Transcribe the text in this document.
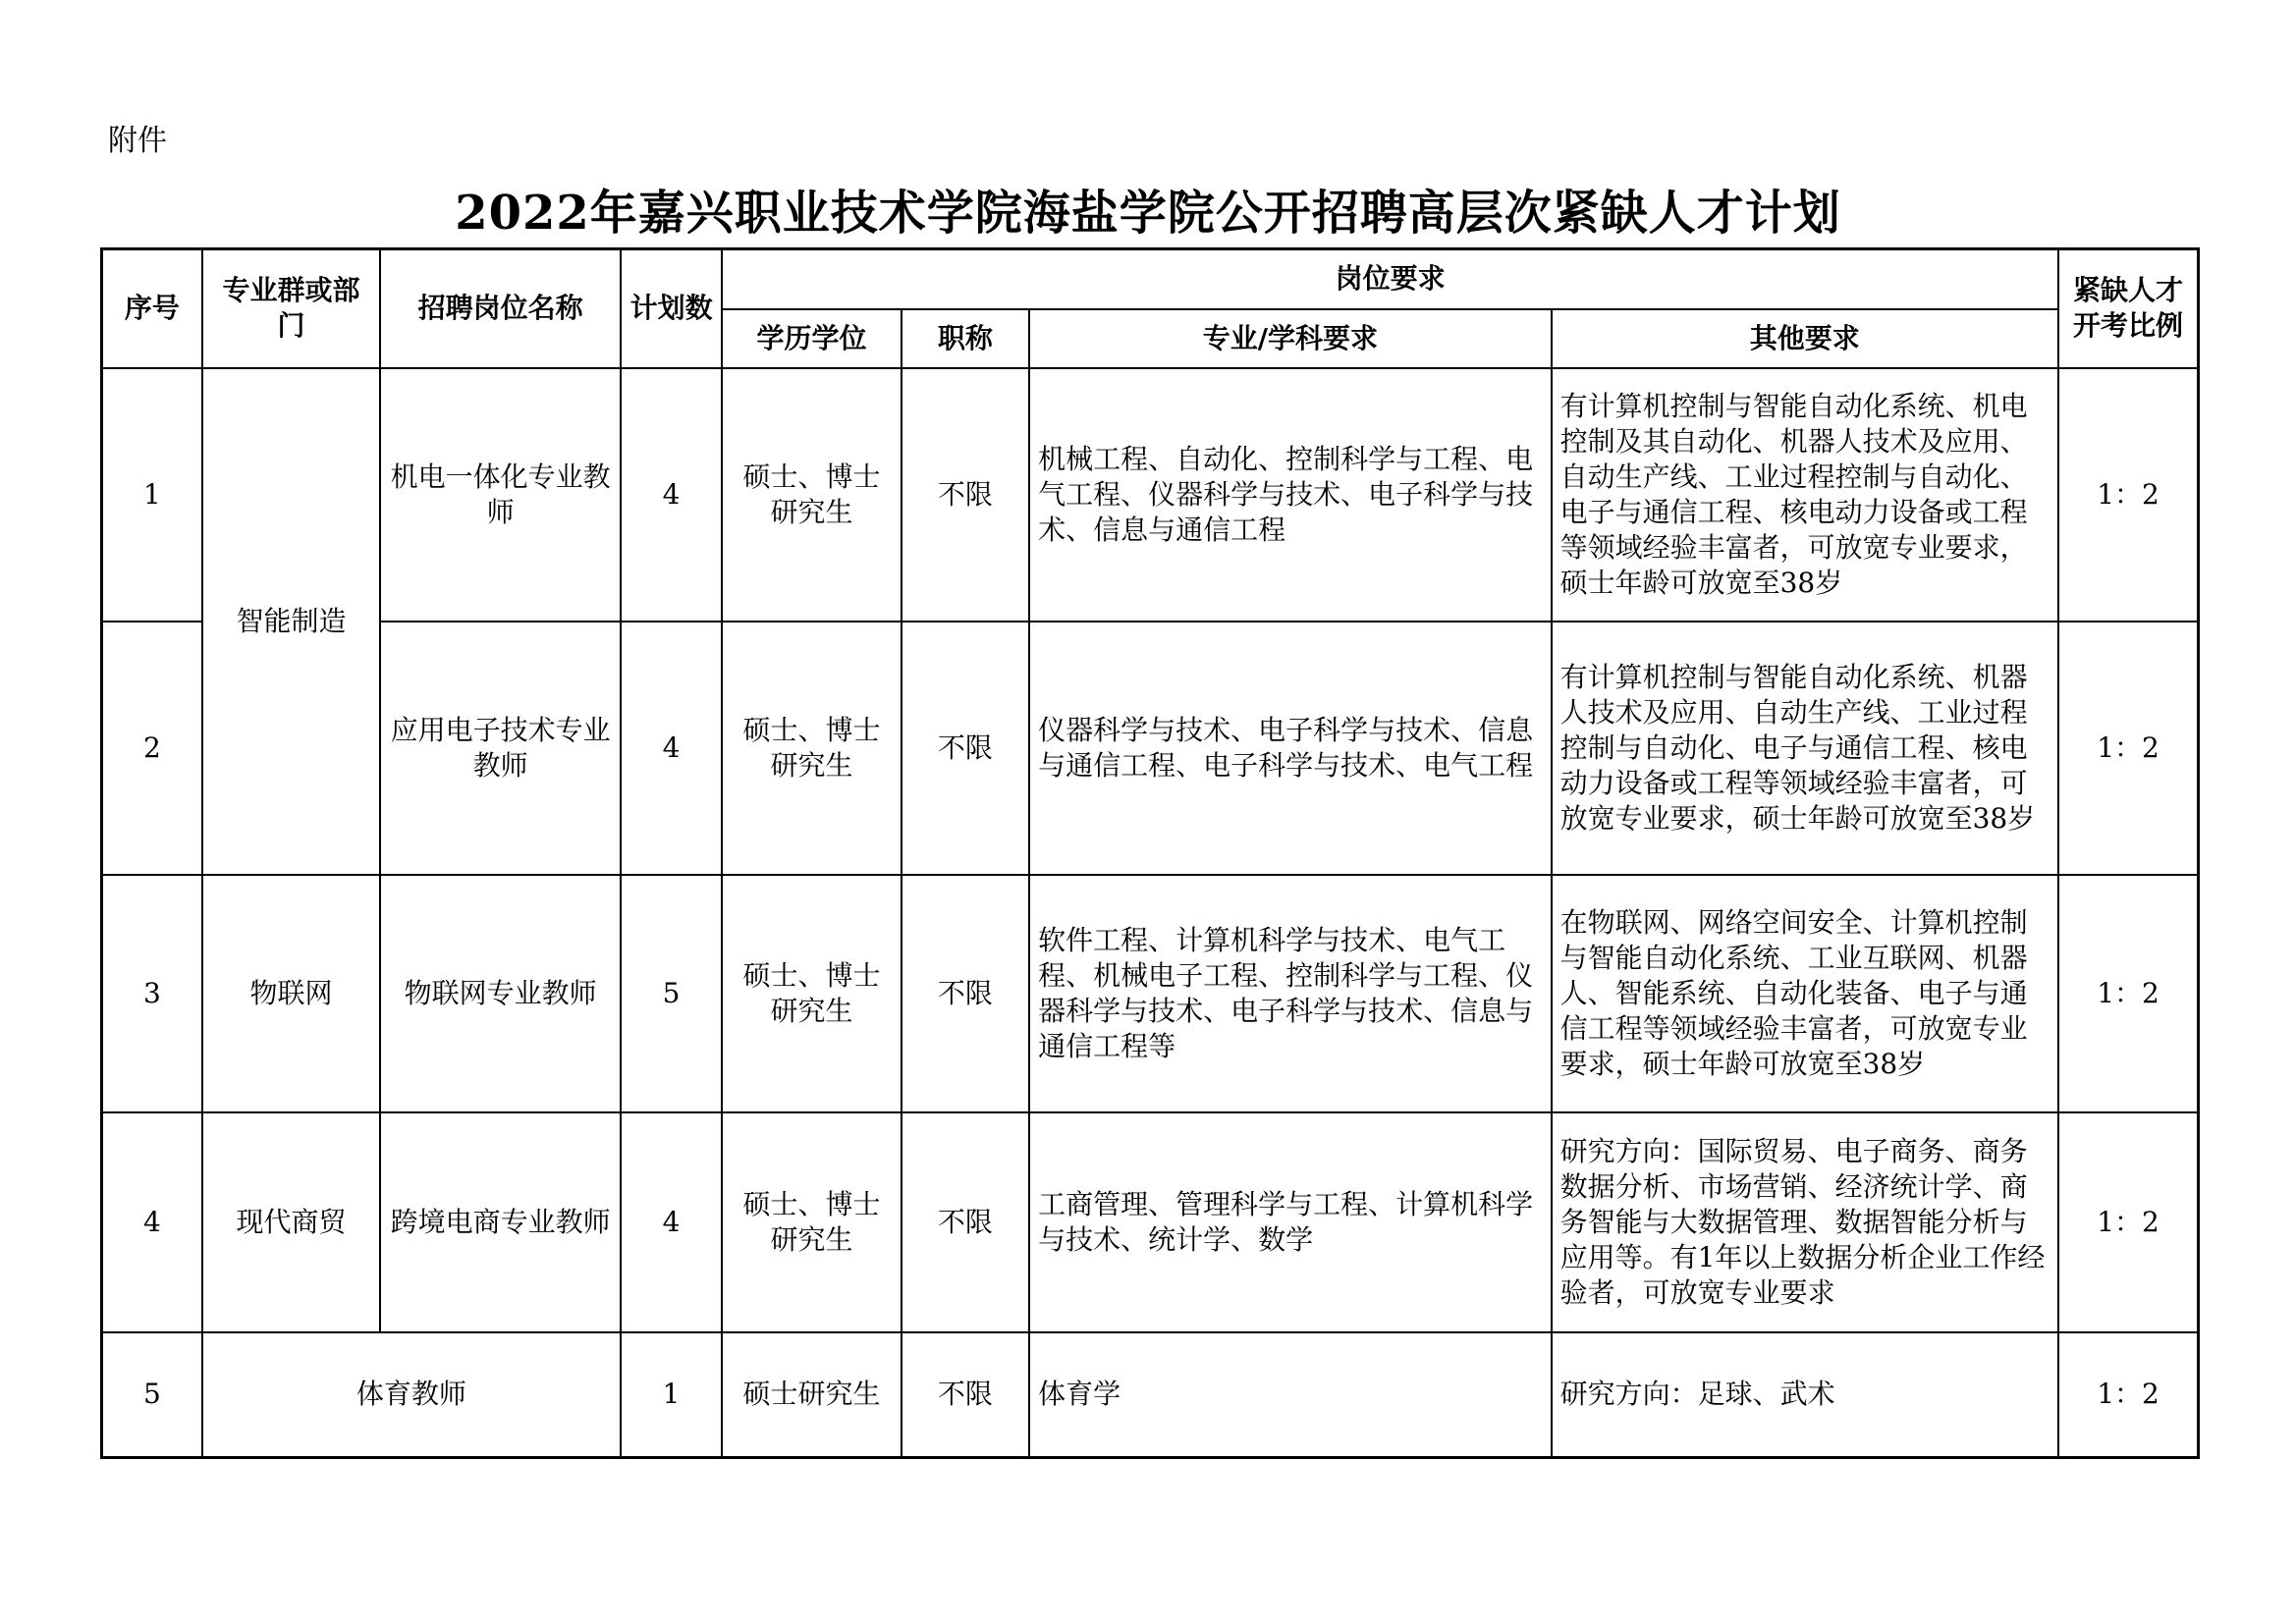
附件
2022年嘉兴职业技术学院海盐学院公开招聘高层次紧缺人才计划
序号	专业群或部门	招聘岗位名称	计划数	岗位要求				紧缺人才开考比例
				学历学位	职称	专业/学科要求	其他要求	
1	智能制造	机电一体化专业教师	4	硕士、博士研究生	不限	机械工程、自动化、控制科学与工程、电气工程、仪器科学与技术、电子科学与技术、信息与通信工程	有计算机控制与智能自动化系统、机电控制及其自动化、机器人技术及应用、自动生产线、工业过程控制与自动化、电子与通信工程、核电动力设备或工程等领域经验丰富者，可放宽专业要求，硕士年龄可放宽至38岁	1：2
2		应用电子技术专业教师	4	硕士、博士研究生	不限	仪器科学与技术、电子科学与技术、信息与通信工程、电子科学与技术、电气工程	有计算机控制与智能自动化系统、机器人技术及应用、自动生产线、工业过程控制与自动化、电子与通信工程、核电动力设备或工程等领域经验丰富者，可放宽专业要求，硕士年龄可放宽至38岁	1：2
3	物联网	物联网专业教师	5	硕士、博士研究生	不限	软件工程、计算机科学与技术、电气工程、机械电子工程、控制科学与工程、仪器科学与技术、电子科学与技术、信息与通信工程等	在物联网、网络空间安全、计算机控制与智能自动化系统、工业互联网、机器人、智能系统、自动化装备、电子与通信工程等领域经验丰富者，可放宽专业要求，硕士年龄可放宽至38岁	1：2
4	现代商贸	跨境电商专业教师	4	硕士、博士研究生	不限	工商管理、管理科学与工程、计算机科学与技术、统计学、数学	研究方向：国际贸易、电子商务、商务数据分析、市场营销、经济统计学、商务智能与大数据管理、数据智能分析与应用等。有1年以上数据分析企业工作经验者，可放宽专业要求	1：2
5	体育教师		1	硕士研究生	不限	体育学	研究方向：足球、武术	1：2
